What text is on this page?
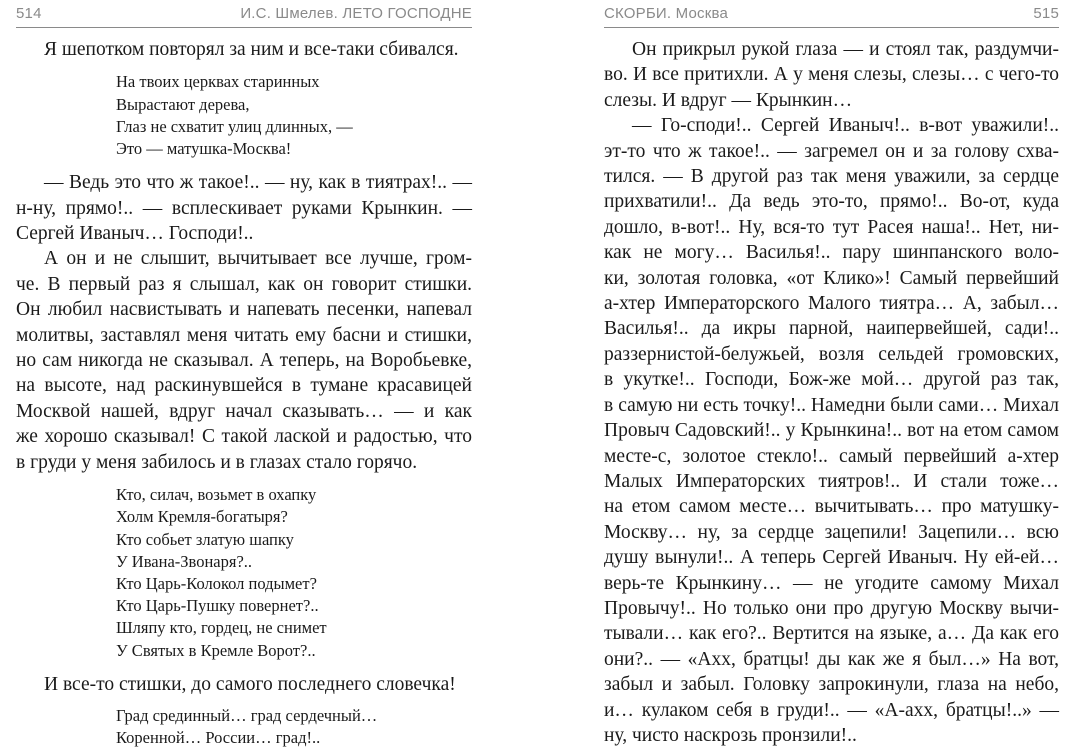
514	И.С. Шмелев. ЛЕТО ГОСПОДНЕ
Я шепотком повторял за ним и все-таки сбивался.
На твоих церквах старинных
Вырастают дерева,
Глаз не схватит улиц длинных, —
Это — матушка-Москва!
— Ведь это что ж такое!.. — ну, как в тиятрах!.. —
н-ну, прямо!.. — всплескивает руками Крынкин. —
Сергей Иваныч… Господи!..
А он и не слышит, вычитывает все лучше, гром-
че. В первый раз я слышал, как он говорит стишки.
Он любил насвистывать и напевать песенки, напевал
молитвы, заставлял меня читать ему басни и стишки,
но сам никогда не сказывал. А теперь, на Воробьевке,
на высоте, над раскинувшейся в тумане красавицей
Москвой нашей, вдруг начал сказывать… — и как
же хорошо сказывал! С такой лаской и радостью, что
в груди у меня забилось и в глазах стало горячо.
Кто, силач, возьмет в охапку
Холм Кремля-богатыря?
Кто собьет златую шапку
У Ивана-Звонаря?..
Кто Царь-Колокол подымет?
Кто Царь-Пушку повернет?..
Шляпу кто, гордец, не снимет
У Святых в Кремле Ворот?..
И все-то стишки, до самого последнего словечка!
Град срединный… град сердечный…
Коренной… России… град!..
СКОРБИ. Москва	515
Он прикрыл рукой глаза — и стоял так, раздумчи-
во. И все притихли. А у меня слезы, слезы… с чего-то
слезы. И вдруг — Крынкин…
— Го-споди!.. Сергей Иваныч!.. в-вот уважили!..
эт-то что ж такое!.. — загремел он и за голову схва-
тился. — В другой раз так меня уважили, за сердце
прихватили!.. Да ведь это-то, прямо!.. Во-от, куда
дошло, в-вот!.. Ну, вся-то тут Расея наша!.. Нет, ни-
как не могу… Василья!.. пару шинпанского воло-
ки, золотая головка, «от Клико»! Самый первейший
а-хтер Императорского Малого тиятра… А, забыл…
Василья!.. да икры парной, наипервейшей, сади!..
раззернистой-белужьей, возля сельдей громовских,
в укутке!.. Господи, Бож-же мой… другой раз так,
в самую ни есть точку!.. Намедни были сами… Михал
Провыч Садовский!.. у Крынкина!.. вот на етом самом
месте-с, золотое стекло!.. самый первейший а-хтер
Малых Императорских тиятров!.. И стали тоже…
на етом самом месте… вычитывать… про матушку-
Москву… ну, за сердце зацепили! Зацепили… всю
душу вынули!.. А теперь Сергей Иваныч. Ну ей-ей…
верь-те Крынкину… — не угодите самому Михал
Провычу!.. Но только они про другую Москву вычи-
тывали… как его?.. Вертится на языке, а… Да как его
они?.. — «Ахх, братцы! ды как же я был…» На вот,
забыл и забыл. Головку запрокинули, глаза на небо,
и… кулаком себя в груди!.. — «А-ахх, братцы!..» —
ну, чисто наскрозь пронзили!..
